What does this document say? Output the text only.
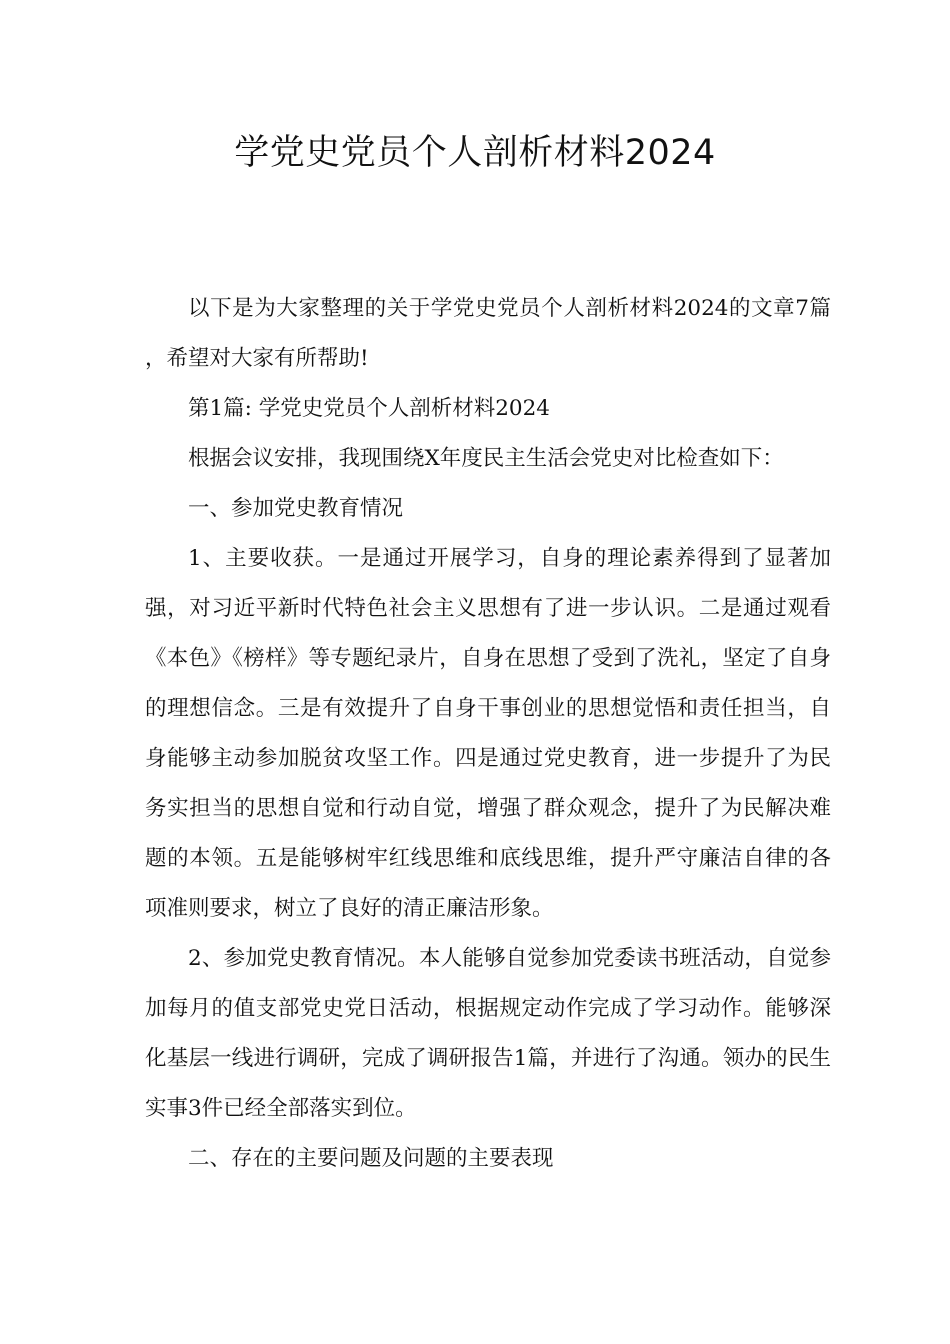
学党史党员个人剖析材料2024

以下是为大家整理的关于学党史党员个人剖析材料2024的文章7篇 ，希望对大家有所帮助!

第1篇: 学党史党员个人剖析材料2024

根据会议安排，我现围绕X年度民主生活会党史对比检查如下：

一、参加党史教育情况

1、主要收获。一是通过开展学习，自身的理论素养得到了显著加强，对习近平新时代特色社会主义思想有了进一步认识。二是通过观看《本色》《榜样》等专题纪录片，自身在思想了受到了洗礼，坚定了自身的理想信念。三是有效提升了自身干事创业的思想觉悟和责任担当，自身能够主动参加脱贫攻坚工作。四是通过党史教育，进一步提升了为民务实担当的思想自觉和行动自觉，增强了群众观念，提升了为民解决难题的本领。五是能够树牢红线思维和底线思维，提升严守廉洁自律的各项准则要求，树立了良好的清正廉洁形象。

2、参加党史教育情况。本人能够自觉参加党委读书班活动，自觉参加每月的值支部党史党日活动，根据规定动作完成了学习动作。能够深化基层一线进行调研，完成了调研报告1篇，并进行了沟通。领办的民生实事3件已经全部落实到位。

二、存在的主要问题及问题的主要表现
